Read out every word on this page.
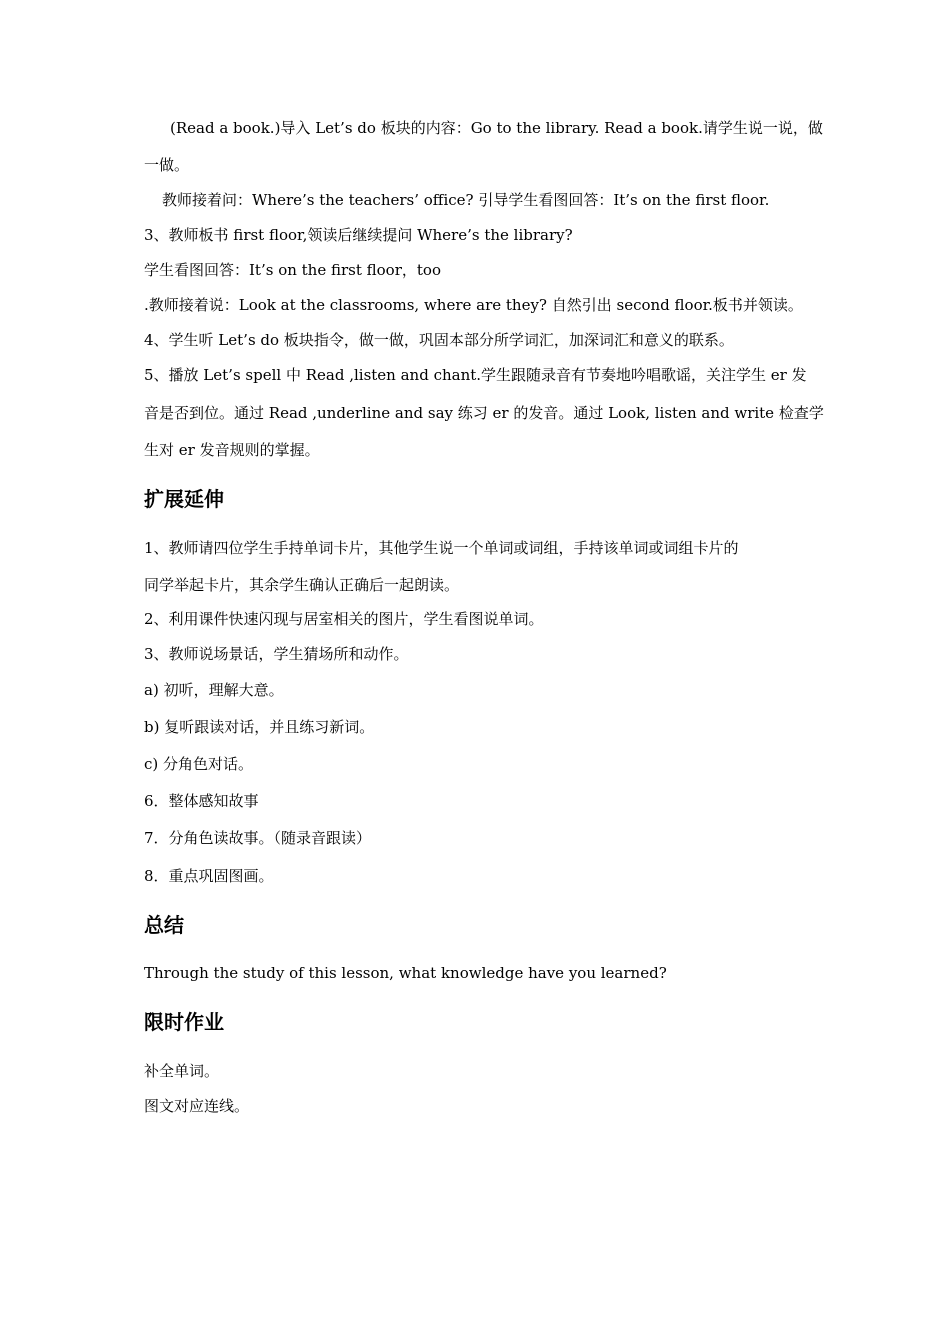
(Read a book.)导入 Let’s do 板块的内容：Go to the library. Read a book.请学生说一说，做
一做。
教师接着问：Where’s the teachers’ office? 引导学生看图回答：It’s on the first floor.
3、教师板书 first floor,领读后继续提问 Where’s the library?
学生看图回答：It’s on the first floor，too
.教师接着说：Look at the classrooms, where are they? 自然引出 second floor.板书并领读。
4、学生听 Let’s do 板块指令，做一做，巩固本部分所学词汇，加深词汇和意义的联系。
5、播放 Let’s spell 中 Read ,listen and chant.学生跟随录音有节奏地吟唱歌谣，关注学生 er 发
音是否到位。通过 Read ,underline and say 练习 er 的发音。通过 Look, listen and write 检查学
生对 er 发音规则的掌握。
扩展延伸
1、教师请四位学生手持单词卡片，其他学生说一个单词或词组，手持该单词或词组卡片的
同学举起卡片，其余学生确认正确后一起朗读。
2、利用课件快速闪现与居室相关的图片，学生看图说单词。
3、教师说场景话，学生猜场所和动作。
a) 初听，理解大意。
b) 复听跟读对话，并且练习新词。
c) 分角色对话。
6．整体感知故事
7．分角色读故事。（随录音跟读）
8．重点巩固图画。
总结
Through the study of this lesson, what knowledge have you learned?
限时作业
补全单词。
图文对应连线。
